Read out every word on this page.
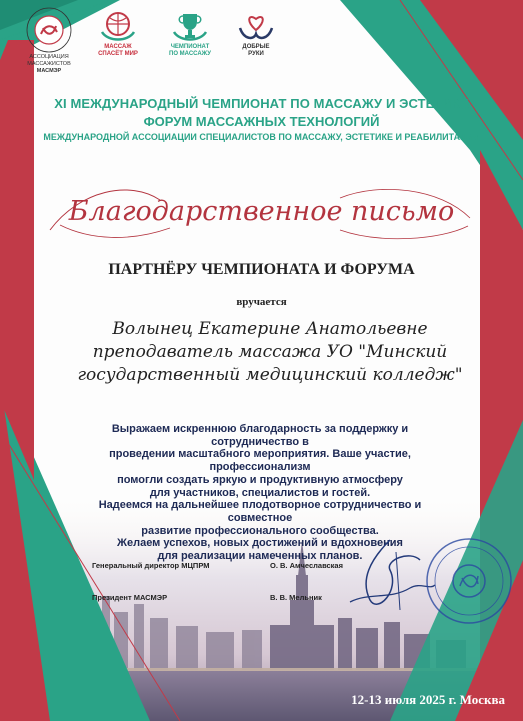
АССОЦИАЦИЯ
МАССАЖИСТОВ
МАСМЭР
МАССАЖ
СПАСЁТ МИР
ЧЕМПИОНАТ
ПО МАССАЖУ
ДОБРЫЕ
РУКИ
XI МЕЖДУНАРОДНЫЙ ЧЕМПИОНАТ ПО МАССАЖУ И ЭСТЕТИКЕ
ФОРУМ МАССАЖНЫХ ТЕХНОЛОГИЙ
МЕЖДУНАРОДНОЙ АССОЦИАЦИИ СПЕЦИАЛИСТОВ ПО МАССАЖУ, ЭСТЕТИКЕ И РЕАБИЛИТАЦИИ
Благодарственное письмо
ПАРТНЁРУ ЧЕМПИОНАТА И ФОРУМА
вручается
Волынец Екатерине Анатольевне
преподаватель массажа УО "Минский
государственный медицинский колледж"
Выражаем искреннюю благодарность за поддержку и сотрудничество в
проведении масштабного мероприятия. Ваше участие, профессионализм
помогли создать яркую и продуктивную атмосферу
для участников, специалистов и гостей.
Надеемся на дальнейшее плодотворное сотрудничество и совместное
развитие профессионального сообщества.
Желаем успехов, новых достижений и вдохновения
для реализации намеченных планов.
Генеральный директор МЦПРМ	О. В. Амчеславская
Президент МАСМЭР	В. В. Мельник
12-13 июля 2025 г. Москва
